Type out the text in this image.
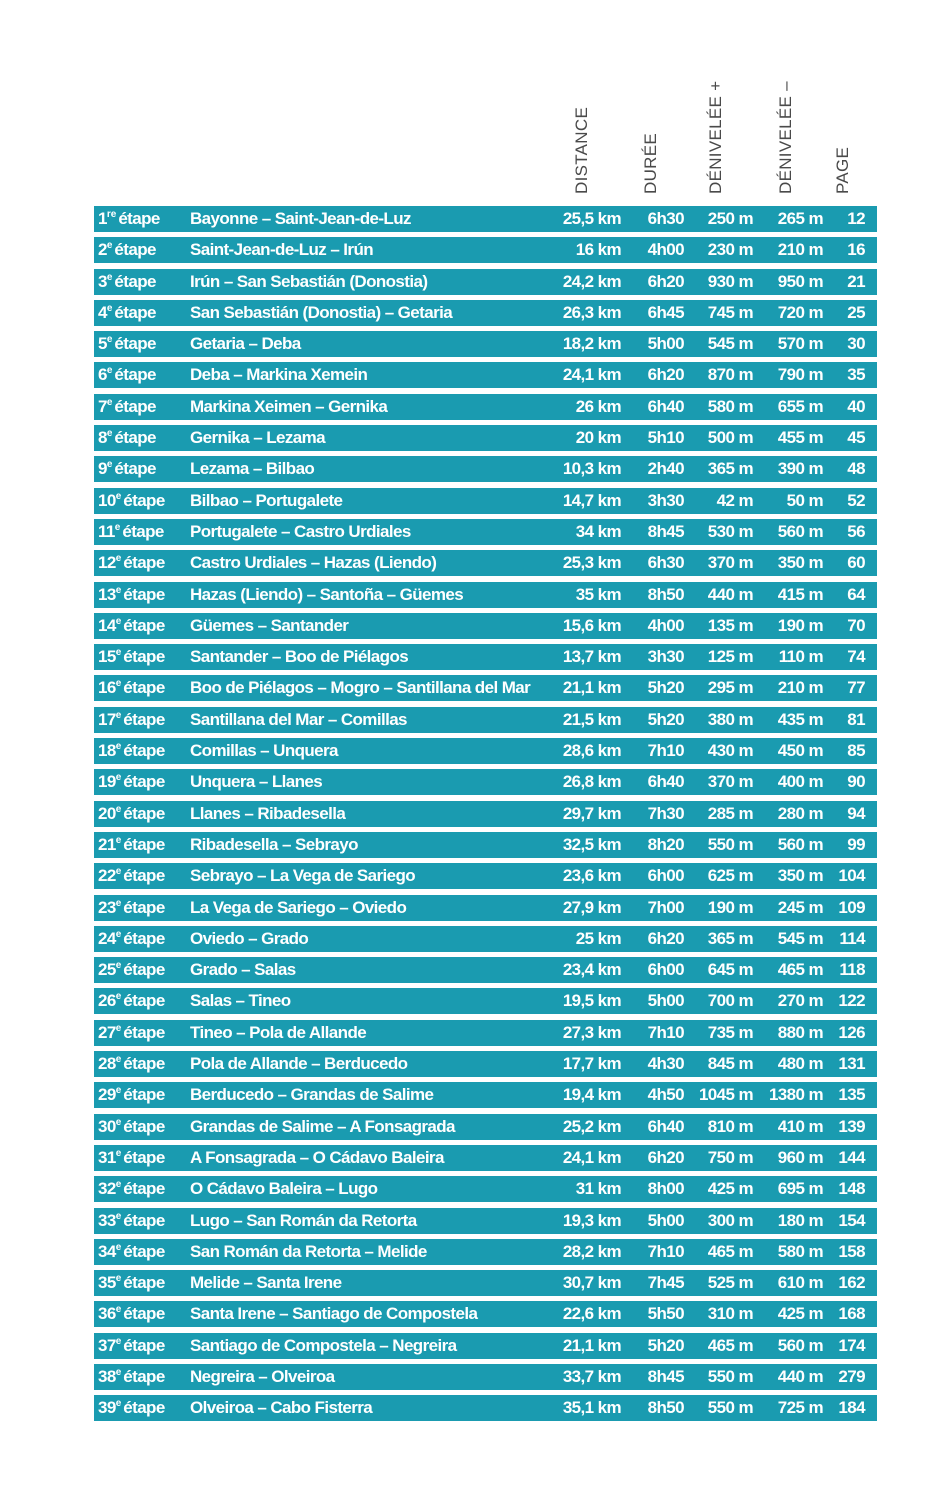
DISTANCE	DURÉE	DÉNIVELÉE +	DÉNIVELÉE – PAGE
1re étape Bayonne – Saint-Jean-de-Luz	25,5 km 6h30 250 m 265 m 12
2e étape Saint-Jean-de-Luz – Irún	16 km 4h00 230 m 210 m 16
3e étape Irún – San Sebastián (Donostia)	24,2 km 6h20 930 m 950 m 21
4e étape San Sebastián (Donostia) – Getaria	26,3 km 6h45 745 m 720 m 25
5e étape Getaria – Deba	18,2 km 5h00 545 m 570 m 30
6e étape Deba – Markina Xemein	24,1 km 6h20 870 m 790 m 35
7e étape Markina Xeimen – Gernika	26 km 6h40 580 m 655 m 40
8e étape Gernika – Lezama	20 km 5h10 500 m 455 m 45
9e étape Lezama – Bilbao	10,3 km 2h40 365 m 390 m 48
10e étape Bilbao – Portugalete	14,7 km 3h30 42 m 50 m 52
11e étape Portugalete – Castro Urdiales	34 km 8h45 530 m 560 m 56
12e étape Castro Urdiales – Hazas (Liendo)	25,3 km 6h30 370 m 350 m 60
13e étape Hazas (Liendo) – Santoña – Güemes	35 km 8h50 440 m 415 m 64
14e étape Güemes – Santander	15,6 km 4h00 135 m 190 m 70
15e étape Santander – Boo de Piélagos	13,7 km 3h30 125 m 110 m 74
16e étape Boo de Piélagos – Mogro – Santillana del Mar 21,1 km 5h20 295 m 210 m 77
17e étape Santillana del Mar – Comillas	21,5 km 5h20 380 m 435 m 81
18e étape Comillas – Unquera	28,6 km 7h10 430 m 450 m 85
19e étape Unquera – Llanes	26,8 km 6h40 370 m 400 m 90
20e étape Llanes – Ribadesella	29,7 km 7h30 285 m 280 m 94
21e étape Ribadesella – Sebrayo	32,5 km 8h20 550 m 560 m 99
22e étape Sebrayo – La Vega de Sariego	23,6 km 6h00 625 m 350 m 104
23e étape La Vega de Sariego – Oviedo	27,9 km 7h00 190 m 245 m 109
24e étape Oviedo – Grado	25 km 6h20 365 m 545 m 114
25e étape Grado – Salas	23,4 km 6h00 645 m 465 m 118
26e étape Salas – Tineo	19,5 km 5h00 700 m 270 m 122
27e étape Tineo – Pola de Allande	27,3 km 7h10 735 m 880 m 126
28e étape Pola de Allande – Berducedo	17,7 km 4h30 845 m 480 m 131
29e étape Berducedo – Grandas de Salime	19,4 km 4h50 1045 m 1380 m 135
30e étape Grandas de Salime – A Fonsagrada	25,2 km 6h40 810 m 410 m 139
31e étape A Fonsagrada – O Cádavo Baleira	24,1 km 6h20 750 m 960 m 144
32e étape O Cádavo Baleira – Lugo	31 km 8h00 425 m 695 m 148
33e étape Lugo – San Román da Retorta	19,3 km 5h00 300 m 180 m 154
34e étape San Román da Retorta – Melide	28,2 km 7h10 465 m 580 m 158
35e étape Melide – Santa Irene	30,7 km 7h45 525 m 610 m 162
36e étape Santa Irene – Santiago de Compostela	22,6 km 5h50 310 m 425 m 168
37e étape Santiago de Compostela – Negreira	21,1 km 5h20 465 m 560 m 174
38e étape Negreira – Olveiroa	33,7 km 8h45 550 m 440 m 279
39e étape Olveiroa – Cabo Fisterra	35,1 km 8h50 550 m 725 m 184
